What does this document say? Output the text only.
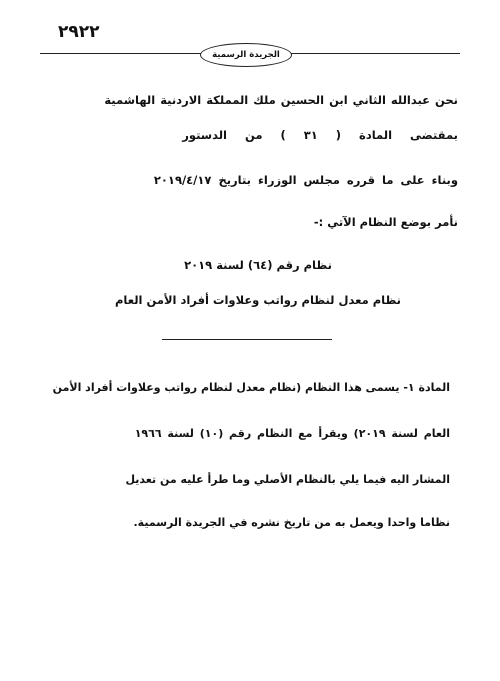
٢٩٢٢
الجريدة الرسمية
نحن عبدالله الثاني ابن الحسين ملك المملكة الاردنية الهاشمية
بمقتضى المادة ( ٣١ ) من الدستور
وبناء على ما قرره مجلس الوزراء بتاريخ ٢٠١٩/٤/١٧
نأمر بوضع النظام الآتي :-
نظام رقم (٦٤) لسنة ٢٠١٩
نظام معدل لنظام رواتب وعلاوات أفراد الأمن العام
المادة ١- يسمى هذا النظام (نظام معدل لنظام رواتب وعلاوات أفراد الأمن
العام لسنة ٢٠١٩) ويقرأ مع النظام رقم (١٠) لسنة ١٩٦٦
المشار اليه فيما يلي بالنظام الأصلي وما طرأ عليه من تعديل
نظاما واحدا ويعمل به من تاريخ نشره في الجريدة الرسمية.
